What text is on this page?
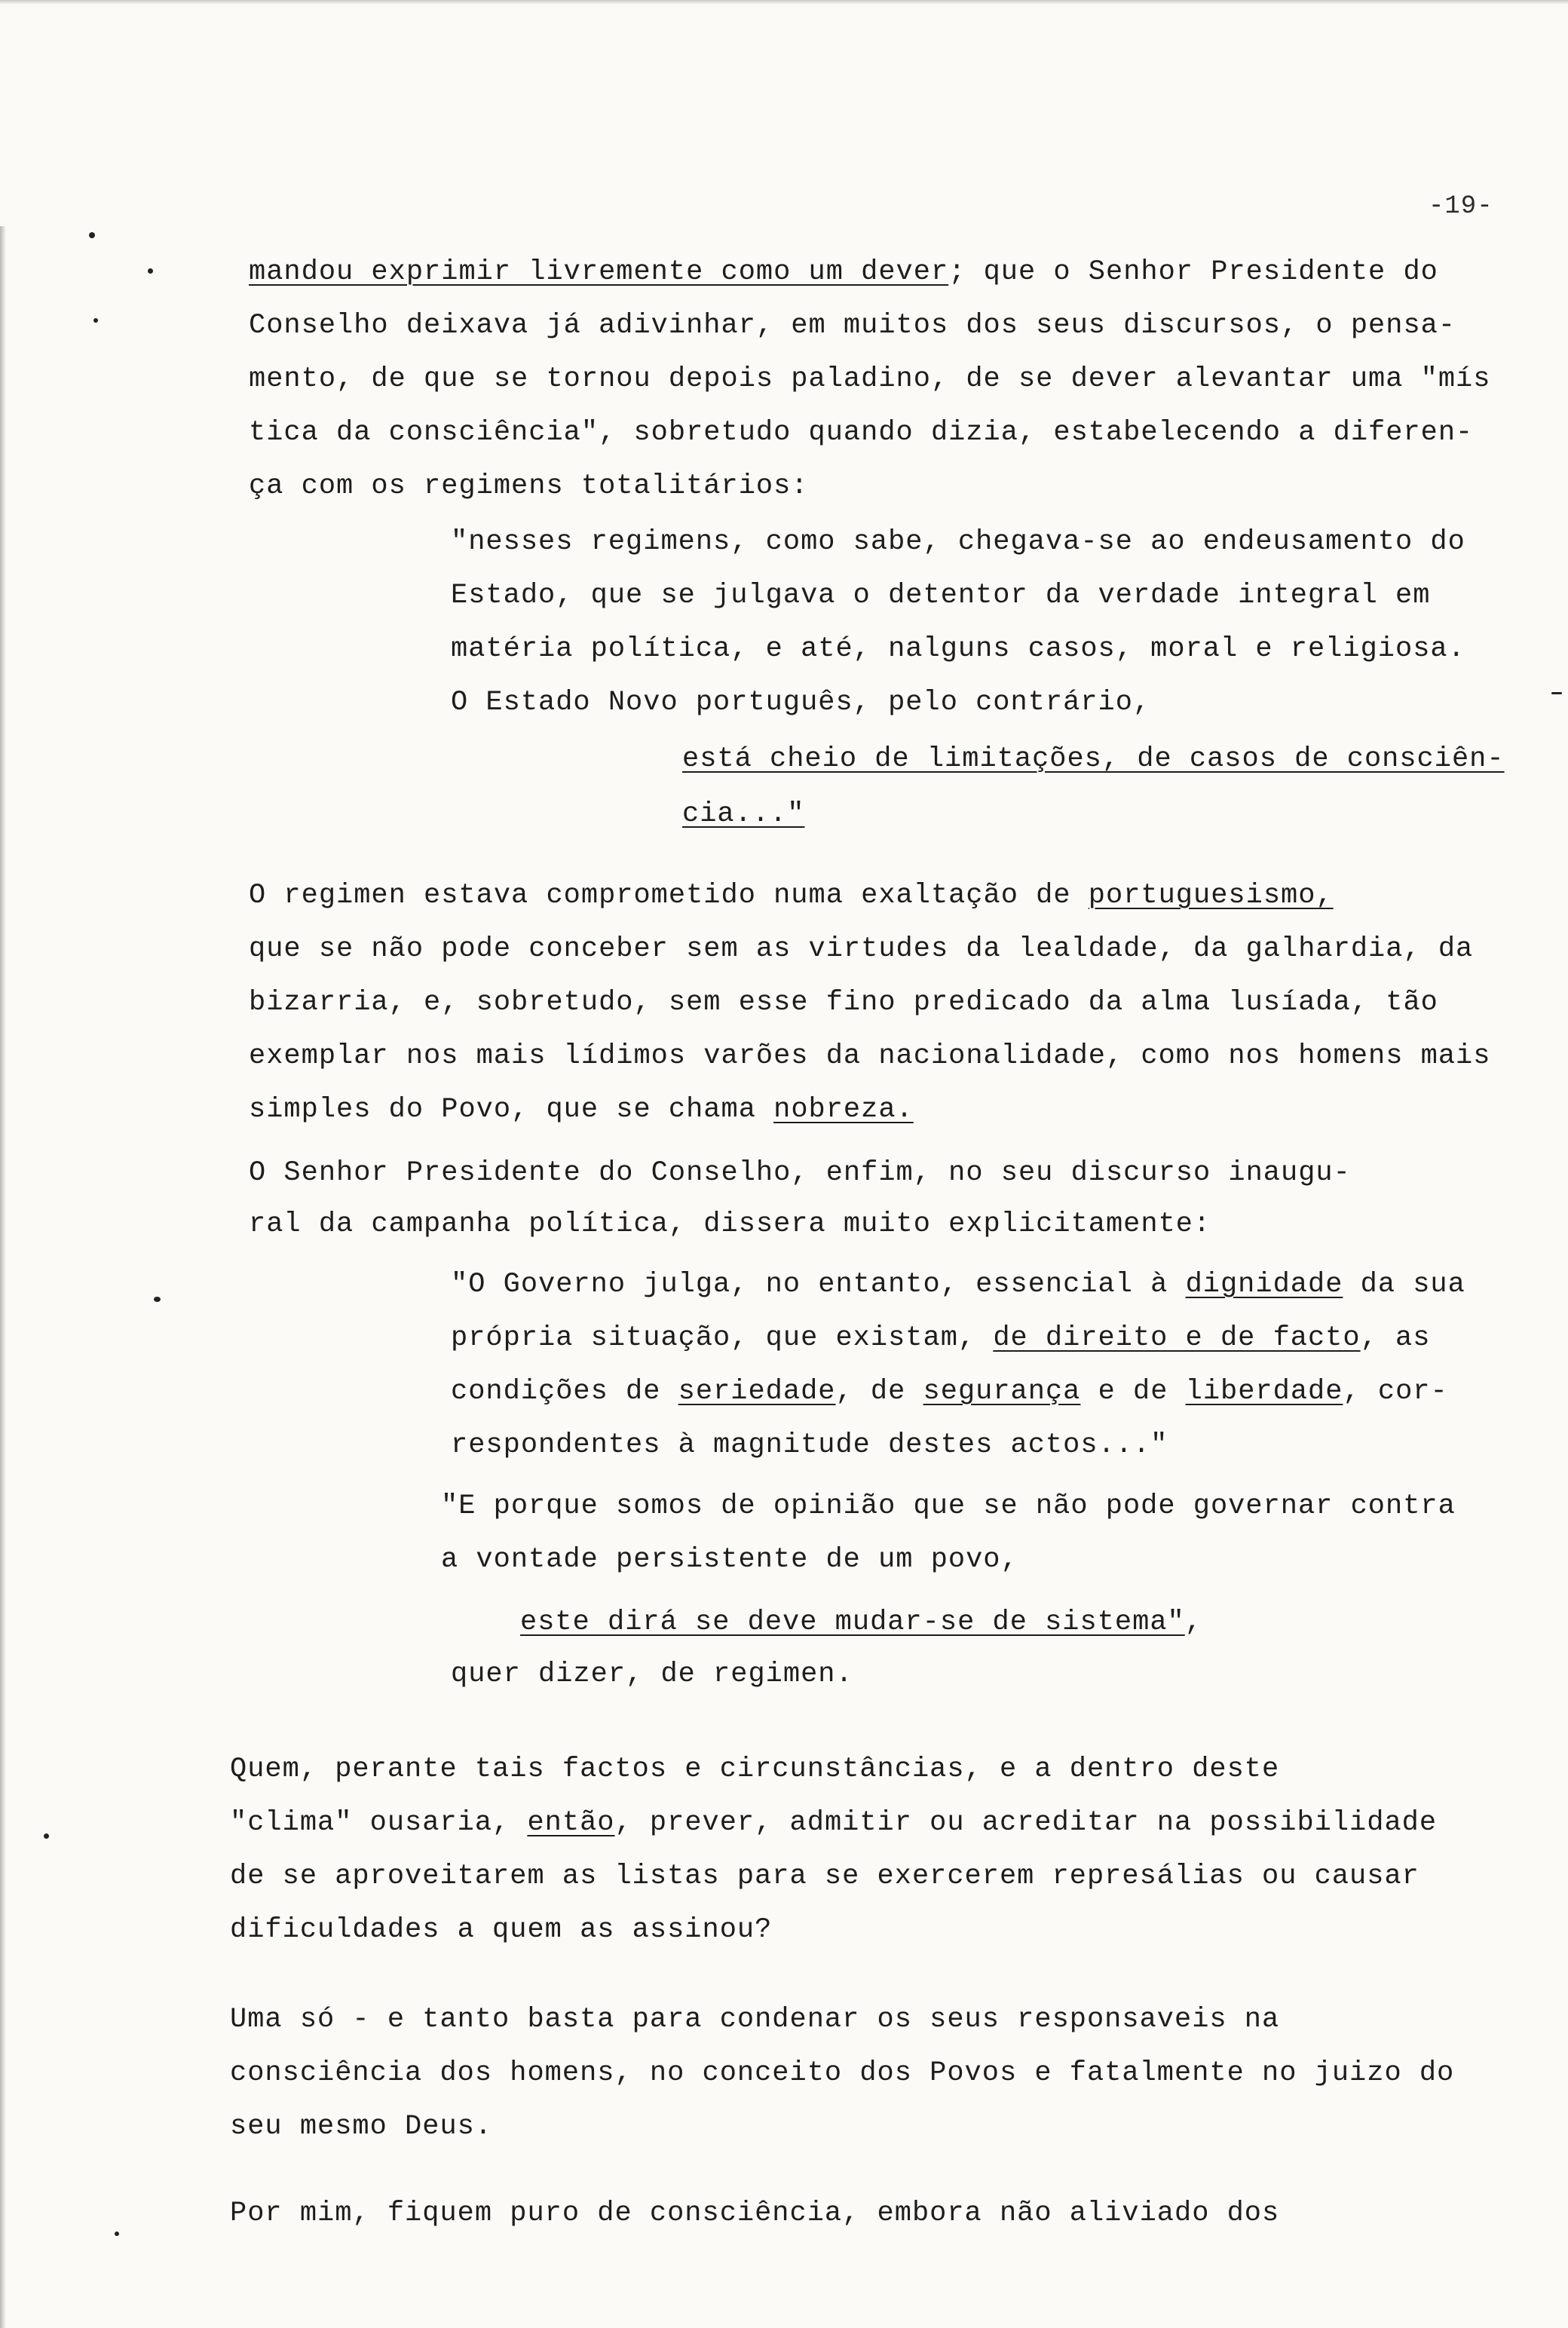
-19-
mandou exprimir livremente como um dever; que o Senhor Presidente do
Conselho deixava já adivinhar, em muitos dos seus discursos, o pensa-
mento, de que se tornou depois paladino, de se dever alevantar uma "mís
tica da consciência", sobretudo quando dizia, estabelecendo a diferen-
ça com os regimens totalitários:
"nesses regimens, como sabe, chegava-se ao endeusamento do
Estado, que se julgava o detentor da verdade integral em
matéria política, e até, nalguns casos, moral e religiosa.
O Estado Novo português, pelo contrário,
está cheio de limitações, de casos de consciên-
cia..."
O regimen estava comprometido numa exaltação de portuguesismo,
que se não pode conceber sem as virtudes da lealdade, da galhardia, da
bizarria, e, sobretudo, sem esse fino predicado da alma lusíada, tão
exemplar nos mais lídimos varões da nacionalidade, como nos homens mais
simples do Povo, que se chama nobreza.
O Senhor Presidente do Conselho, enfim, no seu discurso inaugu-
ral da campanha política, dissera muito explicitamente:
"O Governo julga, no entanto, essencial à dignidade da sua
própria situação, que existam, de direito e de facto, as
condições de seriedade, de segurança e de liberdade, cor-
respondentes à magnitude destes actos..."
"E porque somos de opinião que se não pode governar contra
a vontade persistente de um povo,
este dirá se deve mudar-se de sistema",
quer dizer, de regimen.
Quem, perante tais factos e circunstâncias, e a dentro deste
"clima" ousaria, então, prever, admitir ou acreditar na possibilidade
de se aproveitarem as listas para se exercerem represálias ou causar
dificuldades a quem as assinou?
Uma só - e tanto basta para condenar os seus responsaveis na
consciência dos homens, no conceito dos Povos e fatalmente no juizo do
seu mesmo Deus.
Por mim, fiquem puro de consciência, embora não aliviado dos
